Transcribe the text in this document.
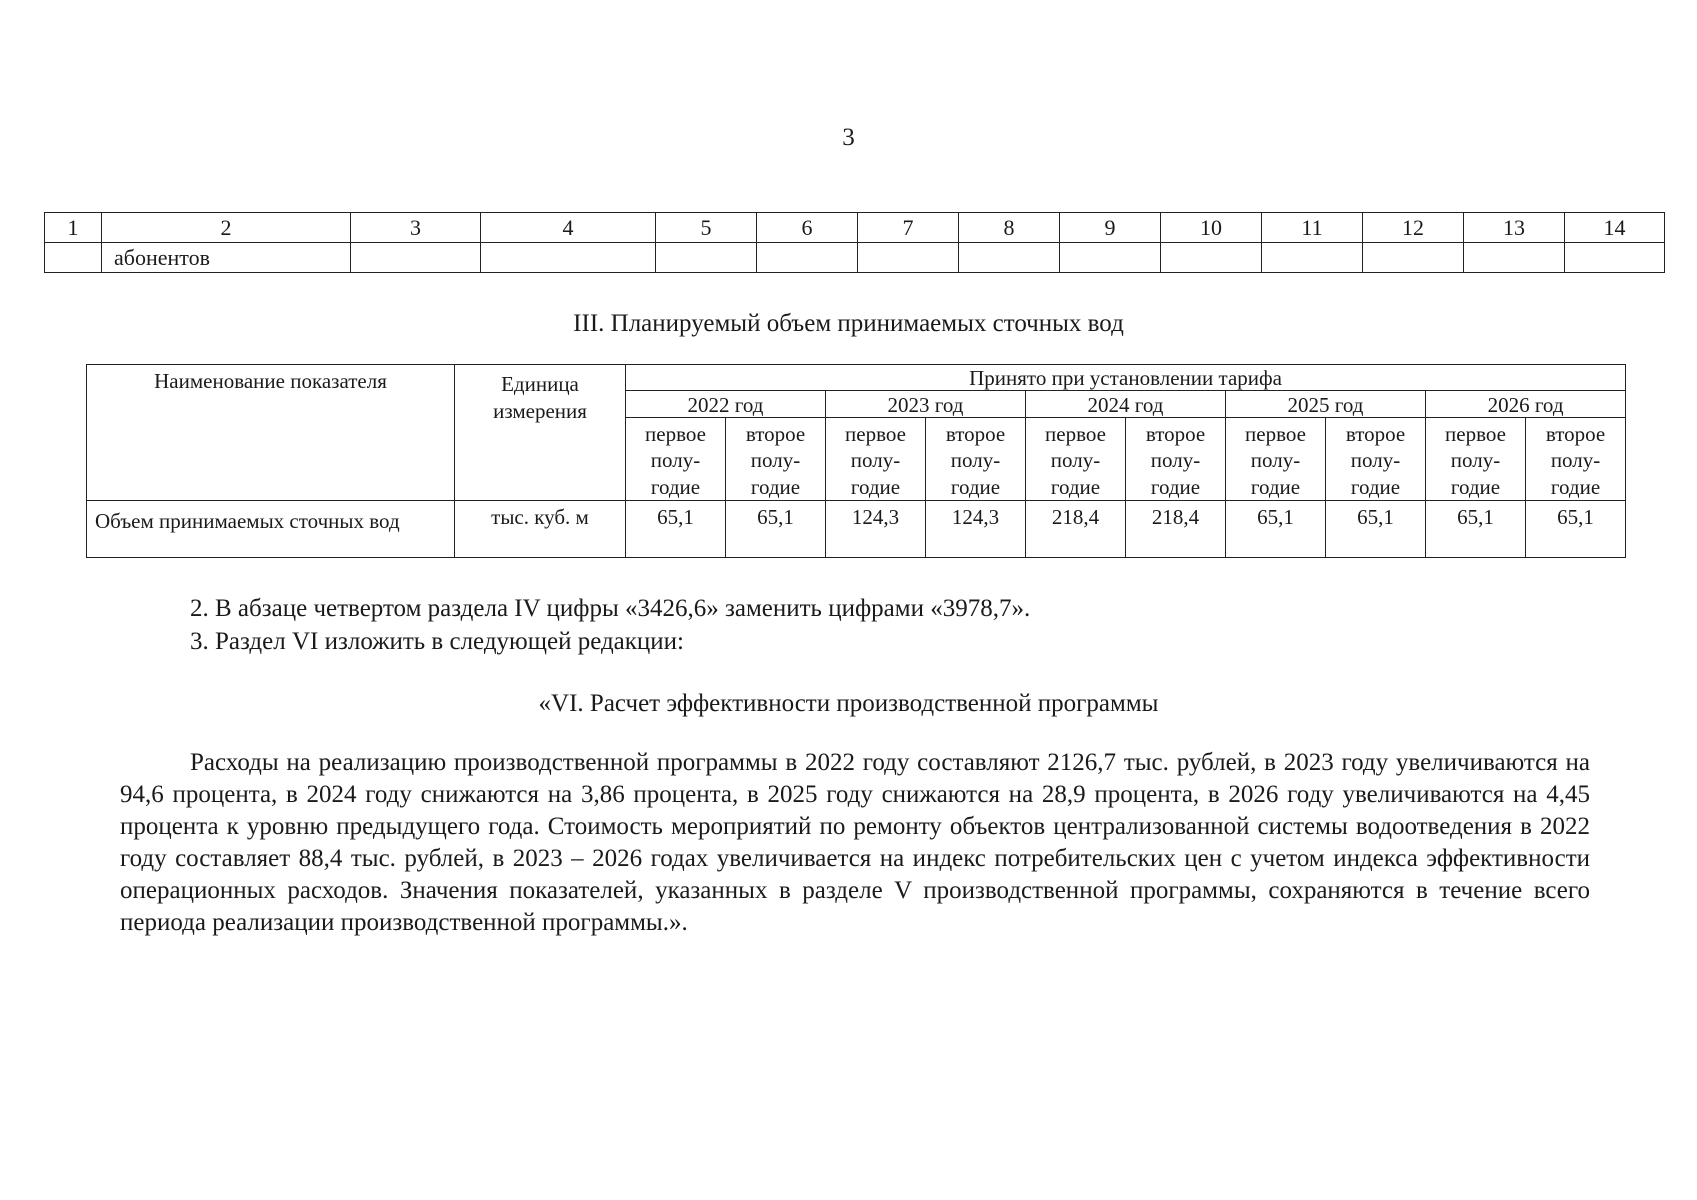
3
1	2	3	4	5	6	7	8	9	10	11	12	13	14
	абонентов												
III. Планируемый объем принимаемых сточных вод
Наименование показателя	Единица измерения	Принято при установлении тарифа									
		2022 год		2023 год		2024 год		2025 год		2026 год	
		первое полу- годие	второе полу- годие	первое полу- годие	второе полу- годие	первое полу- годие	второе полу- годие	первое полу- годие	второе полу- годие	первое полу- годие	второе полу- годие
Объем принимаемых сточных вод	тыс. куб. м	65,1	65,1	124,3	124,3	218,4	218,4	65,1	65,1	65,1	65,1
2. В абзаце четвертом раздела IV цифры «3426,6» заменить цифрами «3978,7».
3. Раздел VI изложить в следующей редакции:
«VI. Расчет эффективности производственной программы
Расходы на реализацию производственной программы в 2022 году составляют 2126,7 тыс. рублей, в 2023 году увеличиваются на 94,6 процента, в 2024 году снижаются на 3,86 процента, в 2025 году снижаются на 28,9 процента, в 2026 году увеличиваются на 4,45 процента к уровню предыдущего года. Стоимость мероприятий по ремонту объектов централизованной системы водоотведения в 2022 году составляет 88,4 тыс. рублей, в 2023 – 2026 годах увеличивается на индекс потребительских цен с учетом индекса эффективности операционных расходов. Значения показателей, указанных в разделе V производственной программы, сохраняются в течение всего периода реализации производственной программы.».
